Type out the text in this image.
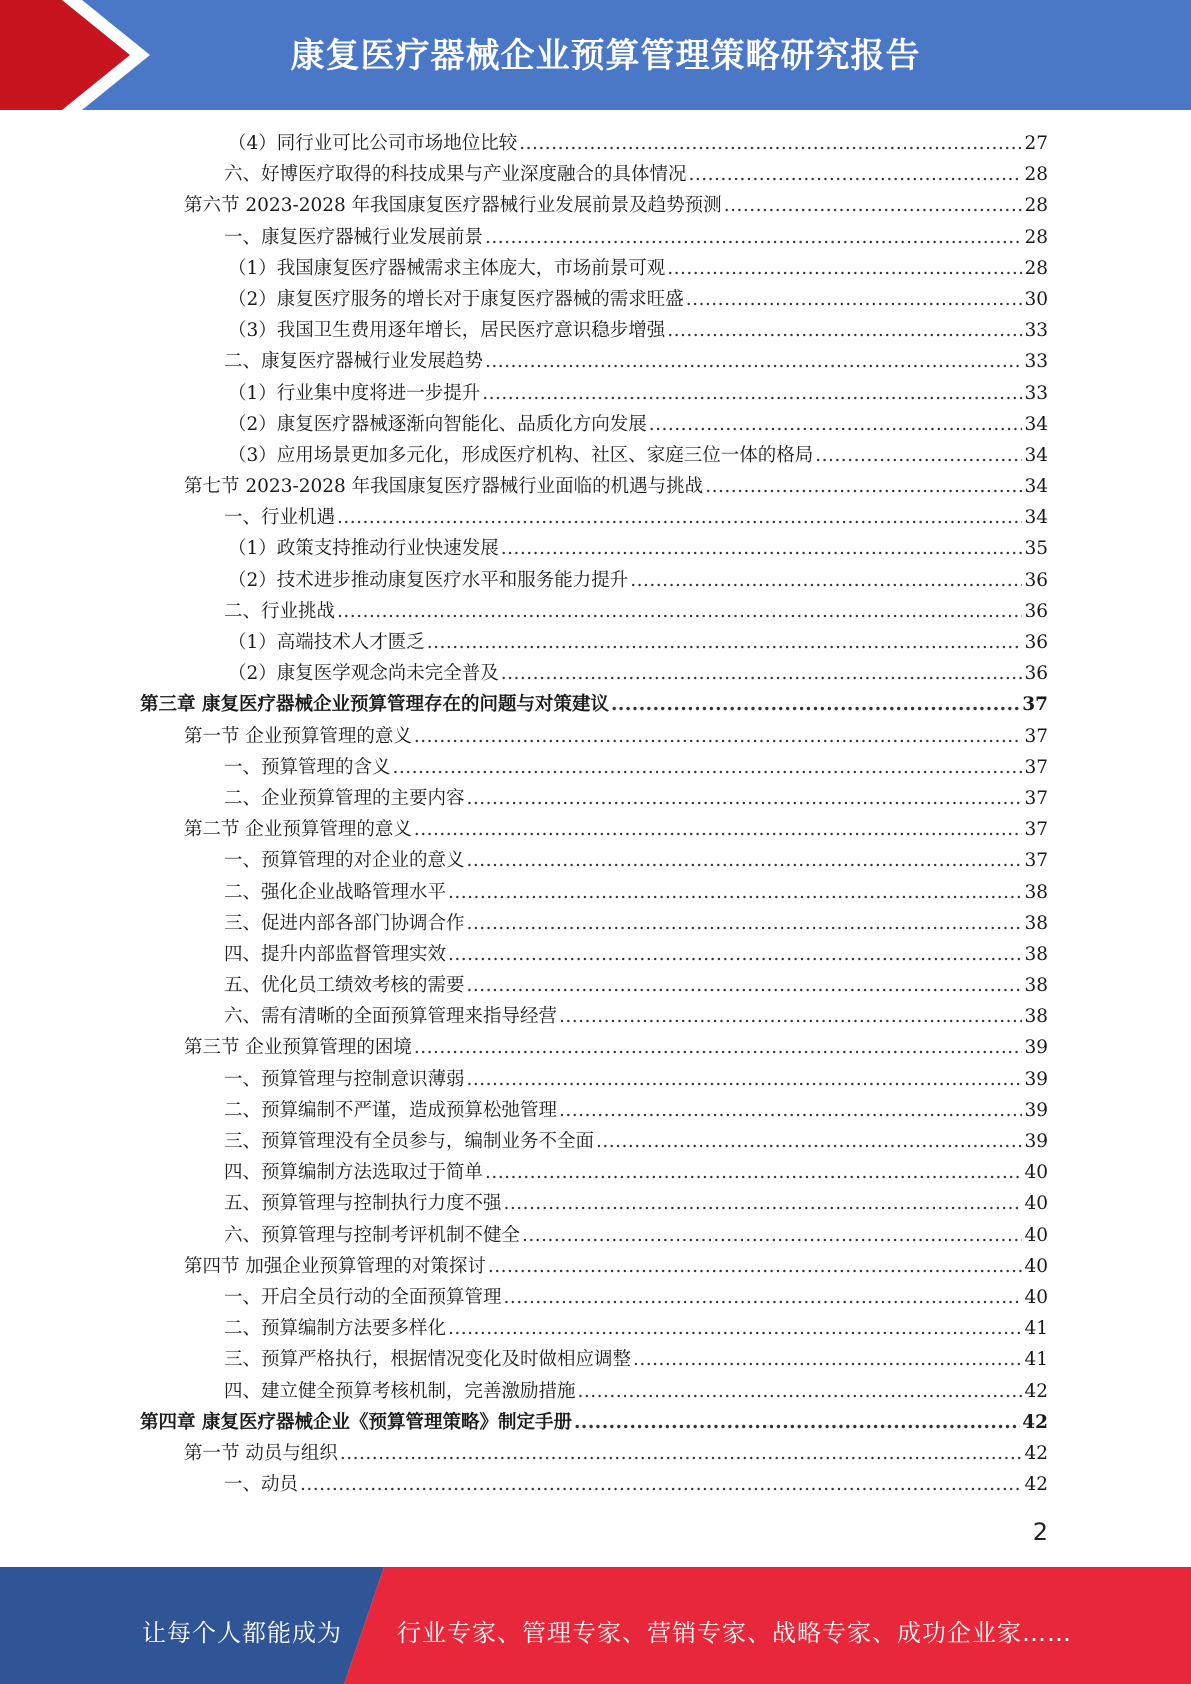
康复医疗器械企业预算管理策略研究报告
（4）同行业可比公司市场地位比较 .....	27
六、好博医疗取得的科技成果与产业深度融合的具体情况 .....	28
第六节 2023-2028 年我国康复医疗器械行业发展前景及趋势预测 .....	28
一、康复医疗器械行业发展前景 .....	28
（1）我国康复医疗器械需求主体庞大，市场前景可观 .....	28
（2）康复医疗服务的增长对于康复医疗器械的需求旺盛 .....	30
（3）我国卫生费用逐年增长，居民医疗意识稳步增强 .....	33
二、康复医疗器械行业发展趋势 .....	33
（1）行业集中度将进一步提升 .....	33
（2）康复医疗器械逐渐向智能化、品质化方向发展 .....	34
（3）应用场景更加多元化，形成医疗机构、社区、家庭三位一体的格局 .....	34
第七节 2023-2028 年我国康复医疗器械行业面临的机遇与挑战 .....	34
一、行业机遇 .....	34
（1）政策支持推动行业快速发展 .....	35
（2）技术进步推动康复医疗水平和服务能力提升 .....	36
二、行业挑战 .....	36
（1）高端技术人才匮乏 .....	36
（2）康复医学观念尚未完全普及 .....	36
第三章 康复医疗器械企业预算管理存在的问题与对策建议 .....	37
第一节 企业预算管理的意义 .....	37
一、预算管理的含义 .....	37
二、企业预算管理的主要内容 .....	37
第二节 企业预算管理的意义 .....	37
一、预算管理的对企业的意义 .....	37
二、强化企业战略管理水平 .....	38
三、促进内部各部门协调合作 .....	38
四、提升内部监督管理实效 .....	38
五、优化员工绩效考核的需要 .....	38
六、需有清晰的全面预算管理来指导经营 .....	38
第三节 企业预算管理的困境 .....	39
一、预算管理与控制意识薄弱 .....	39
二、预算编制不严谨，造成预算松弛管理 .....	39
三、预算管理没有全员参与，编制业务不全面 .....	39
四、预算编制方法选取过于简单 .....	40
五、预算管理与控制执行力度不强 .....	40
六、预算管理与控制考评机制不健全 .....	40
第四节 加强企业预算管理的对策探讨 .....	40
一、开启全员行动的全面预算管理 .....	40
二、预算编制方法要多样化 .....	41
三、预算严格执行，根据情况变化及时做相应调整 .....	41
四、建立健全预算考核机制，完善激励措施 .....	42
第四章 康复医疗器械企业《预算管理策略》制定手册 .....	42
第一节 动员与组织 .....	42
一、动员 .....	42
2
让每个人都能成为 行业专家、管理专家、营销专家、战略专家、成功企业家……
